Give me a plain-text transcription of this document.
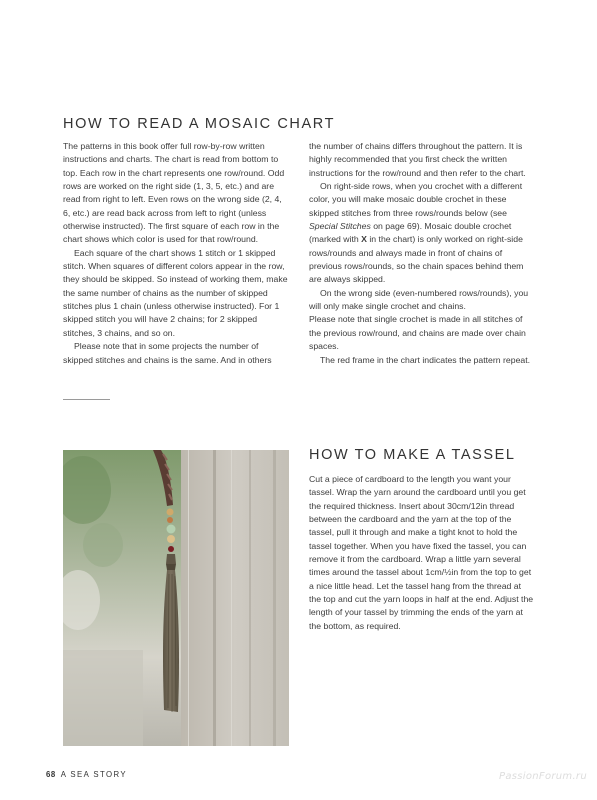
HOW TO READ A MOSAIC CHART

The patterns in this book offer full row-by-row written instructions and charts. The chart is read from bottom to top. Each row in the chart represents one row/round. Odd rows are worked on the right side (1, 3, 5, etc.) and are read from right to left. Even rows on the wrong side (2, 4, 6, etc.) are read back across from left to right (unless otherwise instructed). The first square of each row in the chart shows which color is used for that row/round.

Each square of the chart shows 1 stitch or 1 skipped stitch. When squares of different colors appear in the row, they should be skipped. So instead of working them, make the same number of chains as the number of skipped stitches plus 1 chain (unless otherwise instructed). For 1 skipped stitch you will have 2 chains; for 2 skipped stitches, 3 chains, and so on.

Please note that in some projects the number of skipped stitches and chains is the same. And in others

the number of chains differs throughout the pattern. It is highly recommended that you first check the written instructions for the row/round and then refer to the chart.

On right-side rows, when you crochet with a different color, you will make mosaic double crochet in these skipped stitches from three rows/rounds below (see Special Stitches on page 69). Mosaic double crochet (marked with X in the chart) is only worked on right-side rows/rounds and always made in front of chains of previous rows/rounds, so the chain spaces behind them are always skipped.

On the wrong side (even-numbered rows/rounds), you will only make single crochet and chains.

Please note that single crochet is made in all stitches of the previous row/round, and chains are made over chain spaces.

The red frame in the chart indicates the pattern repeat.

HOW TO MAKE A TASSEL

Cut a piece of cardboard to the length you want your tassel. Wrap the yarn around the cardboard until you get the required thickness. Insert about 30cm/12in thread between the cardboard and the yarn at the top of the tassel, pull it through and make a tight knot to hold the tassel together. When you have fixed the tassel, you can remove it from the cardboard. Wrap a little yarn several times around the tassel about 1cm/½in from the top to get a nice little head. Let the tassel hang from the thread at the top and cut the yarn loops in half at the end. Adjust the length of your tassel by trimming the ends of the yarn at the bottom, as required.

68 A SEA STORY	PassionForum.ru
